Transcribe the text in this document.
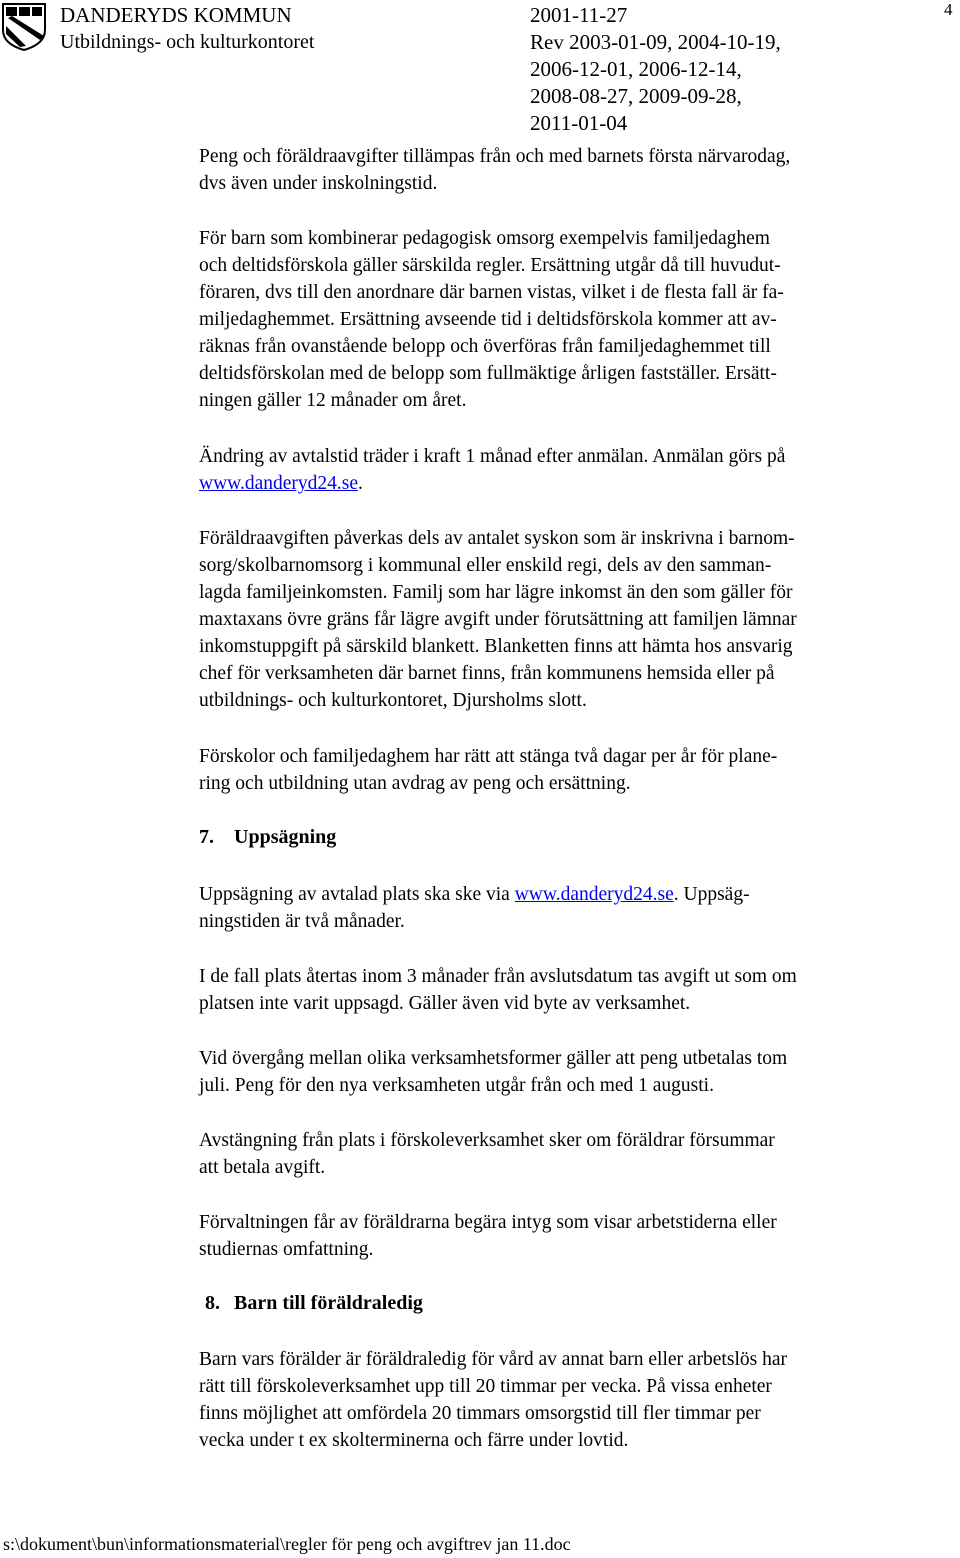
DANDERYDS KOMMUN
Utbildnings- och kulturkontoret
2001-11-27
Rev 2003-01-09, 2004-10-19,
2006-12-01, 2006-12-14,
2008-08-27, 2009-09-28,
2011-01-04
4
Peng och föräldraavgifter tillämpas från och med barnets första närvarodag,
dvs även under inskolningstid.
För barn som kombinerar pedagogisk omsorg exempelvis familjedaghem
och deltidsförskola gäller särskilda regler. Ersättning utgår då till huvudut-
föraren, dvs till den anordnare där barnen vistas, vilket i de flesta fall är fa-
miljedaghemmet. Ersättning avseende tid i deltidsförskola kommer att av-
räknas från ovanstående belopp och överföras från familjedaghemmet till
deltidsförskolan med de belopp som fullmäktige årligen fastställer. Ersätt-
ningen gäller 12 månader om året.
Ändring av avtalstid träder i kraft 1 månad efter anmälan. Anmälan görs på
www.danderyd24.se.
Föräldraavgiften påverkas dels av antalet syskon som är inskrivna i barnom-
sorg/skolbarnomsorg i kommunal eller enskild regi, dels av den samman-
lagda familjeinkomsten. Familj som har lägre inkomst än den som gäller för
maxtaxans övre gräns får lägre avgift under förutsättning att familjen lämnar
inkomstuppgift på särskild blankett. Blanketten finns att hämta hos ansvarig
chef för verksamheten där barnet finns, från kommunens hemsida eller på
utbildnings- och kulturkontoret, Djursholms slott.
Förskolor och familjedaghem har rätt att stänga två dagar per år för plane-
ring och utbildning utan avdrag av peng och ersättning.
7. Uppsägning
Uppsägning av avtalad plats ska ske via www.danderyd24.se. Uppsäg-
ningstiden är två månader.
I de fall plats återtas inom 3 månader från avslutsdatum tas avgift ut som om
platsen inte varit uppsagd. Gäller även vid byte av verksamhet.
Vid övergång mellan olika verksamhetsformer gäller att peng utbetalas tom
juli. Peng för den nya verksamheten utgår från och med 1 augusti.
Avstängning från plats i förskoleverksamhet sker om föräldrar försummar
att betala avgift.
Förvaltningen får av föräldrarna begära intyg som visar arbetstiderna eller
studiernas omfattning.
8. Barn till föräldraledig
Barn vars förälder är föräldraledig för vård av annat barn eller arbetslös har
rätt till förskoleverksamhet upp till 20 timmar per vecka. På vissa enheter
finns möjlighet att omfördela 20 timmars omsorgstid till fler timmar per
vecka under t ex skolterminerna och färre under lovtid.
s:\dokument\bun\informationsmaterial\regler för peng och avgiftrev jan 11.doc
